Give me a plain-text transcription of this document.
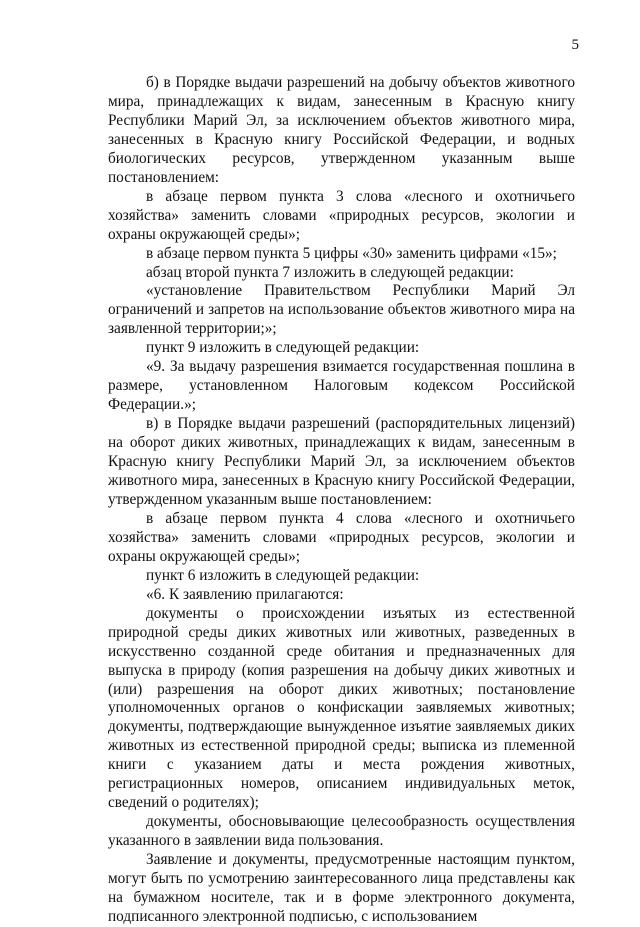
5

б) в Порядке выдачи разрешений на добычу объектов животного мира, принадлежащих к видам, занесенным в Красную книгу Республики Марий Эл, за исключением объектов животного мира, занесенных в Красную книгу Российской Федерации, и водных биологических ресурсов, утвержденном указанным выше постановлением:

в абзаце первом пункта 3 слова «лесного и охотничьего хозяйства» заменить словами «природных ресурсов, экологии и охраны окружающей среды»;

в абзаце первом пункта 5 цифры «30» заменить цифрами «15»;

абзац второй пункта 7 изложить в следующей редакции:

«установление Правительством Республики Марий Эл ограничений и запретов на использование объектов животного мира на заявленной территории;»;

пункт 9 изложить в следующей редакции:

«9. За выдачу разрешения взимается государственная пошлина в размере, установленном Налоговым кодексом Российской Федерации.»;

в) в Порядке выдачи разрешений (распорядительных лицензий) на оборот диких животных, принадлежащих к видам, занесенным в Красную книгу Республики Марий Эл, за исключением объектов животного мира, занесенных в Красную книгу Российской Федерации, утвержденном указанным выше постановлением:

в абзаце первом пункта 4 слова «лесного и охотничьего хозяйства» заменить словами «природных ресурсов, экологии и охраны окружающей среды»;

пункт 6 изложить в следующей редакции:

«6. К заявлению прилагаются:

документы о происхождении изъятых из естественной природной среды диких животных или животных, разведенных в искусственно созданной среде обитания и предназначенных для выпуска в природу (копия разрешения на добычу диких животных и (или) разрешения на оборот диких животных; постановление уполномоченных органов о конфискации заявляемых животных; документы, подтверждающие вынужденное изъятие заявляемых диких животных из естественной природной среды; выписка из племенной книги с указанием даты и места рождения животных, регистрационных номеров, описанием индивидуальных меток, сведений о родителях);

документы, обосновывающие целесообразность осуществления указанного в заявлении вида пользования.

Заявление и документы, предусмотренные настоящим пунктом, могут быть по усмотрению заинтересованного лица представлены как на бумажном носителе, так и в форме электронного документа, подписанного электронной подписью, с использованием
